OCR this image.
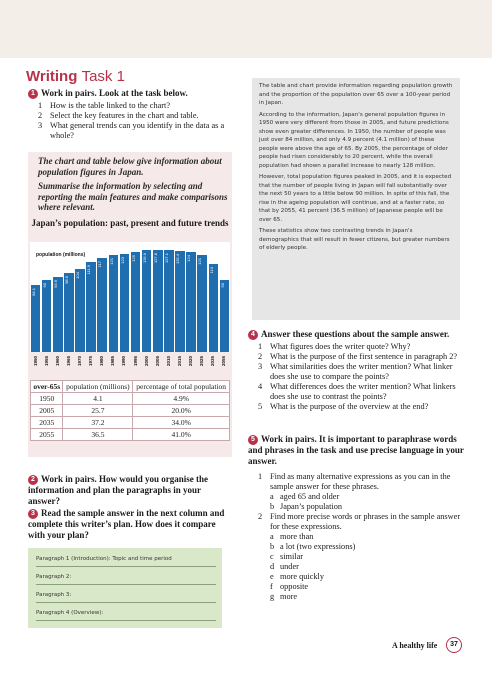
Writing Task 1
1 Work in pairs. Look at the task below.
1 How is the table linked to the chart?
2 Select the key features in the chart and table.
3 What general trends can you identify in the data as a whole?
The chart and table below give information about population figures in Japan.
Summarise the information by selecting and reporting the main features and make comparisons where relevant.
Japan’s population: past, present and future trends
84.1
90	93.9
98.9
104
111.9
117	121	123	125	126.9	127.8	127.1	125.4	124	121
110
90
population (millions)
1950 1955 1960 1965 1970 1975 1980 1985 1990 1995 2000 2005 2010 2015 2020 2025 2035 2055
over-65s	population (millions)	percentage of total population
1950	4.1	4.9%
2005	25.7	20.0%
2035	37.2	34.0%
2055	36.5	41.0%
2 Work in pairs. How would you organise the information and plan the paragraphs in your answer?
3 Read the sample answer in the next column and complete this writer’s plan. How does it compare with your plan?
Paragraph 1 (Introduction): Topic and time period
Paragraph 2:
Paragraph 3:
Paragraph 4 (Overview):

The table and chart provide information regarding population growth and the proportion of the population over 65 over a 100-year period in Japan.

According to the information, Japan's general population figures in 1950 were very different from those in 2005, and future predictions show even greater differences. In 1950, the number of people was just over 84 million, and only 4.9 percent (4.1 million) of these people were above the age of 65. By 2005, the percentage of older people had risen considerably to 20 percent, while the overall population had shown a parallel increase to nearly 128 million.

However, total population figures peaked in 2005, and it is expected that the number of people living in Japan will fall substantially over the next 50 years to a little below 90 million. In spite of this fall, the rise in the ageing population will continue, and at a faster rate, so that by 2055, 41 percent (36.5 million) of Japanese people will be over 65.

These statistics show two contrasting trends in Japan's demographics that will result in fewer citizens, but greater numbers of elderly people.

4 Answer these questions about the sample answer.
1 What figures does the writer quote? Why?
2 What is the purpose of the first sentence in paragraph 2?
3 What similarities does the writer mention? What linker does she use to compare the points?
4 What differences does the writer mention? What linkers does she use to contrast the points?
5 What is the purpose of the overview at the end?
5 Work in pairs. It is important to paraphrase words and phrases in the task and use precise language in your answer.
1 Find as many alternative expressions as you can in the sample answer for these phrases.
a aged 65 and older
b Japan’s population
2 Find more precise words or phrases in the sample answer for these expressions.
a more than
b a lot (two expressions)
c similar
d under
e more quickly
f opposite
g more
A healthy life	37
